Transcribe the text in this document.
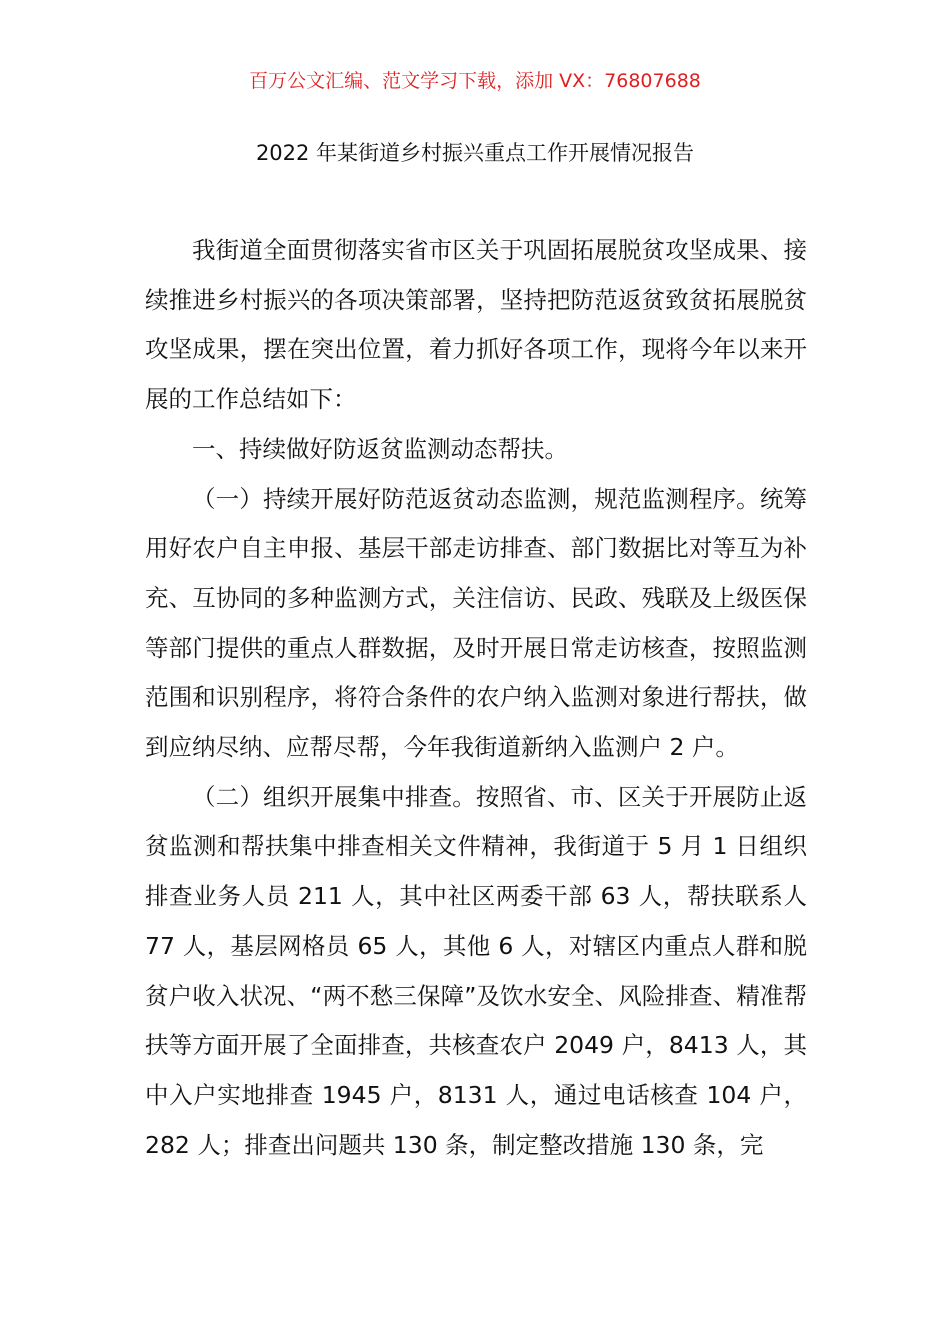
百万公文汇编、范文学习下载，添加 VX：76807688
2022 年某街道乡村振兴重点工作开展情况报告

我街道全面贯彻落实省市区关于巩固拓展脱贫攻坚成果、接续推进乡村振兴的各项决策部署，坚持把防范返贫致贫拓展脱贫攻坚成果，摆在突出位置，着力抓好各项工作，现将今年以来开展的工作总结如下：

一、持续做好防返贫监测动态帮扶。

（一）持续开展好防范返贫动态监测，规范监测程序。统筹用好农户自主申报、基层干部走访排查、部门数据比对等互为补充、互协同的多种监测方式，关注信访、民政、残联及上级医保等部门提供的重点人群数据，及时开展日常走访核查，按照监测范围和识别程序，将符合条件的农户纳入监测对象进行帮扶，做到应纳尽纳、应帮尽帮，今年我街道新纳入监测户 2 户。

（二）组织开展集中排查。按照省、市、区关于开展防止返贫监测和帮扶集中排查相关文件精神，我街道于 5 月 1 日组织排查业务人员 211 人，其中社区两委干部 63 人，帮扶联系人 77 人，基层网格员 65 人，其他 6 人，对辖区内重点人群和脱贫户收入状况、“两不愁三保障”及饮水安全、风险排查、精准帮扶等方面开展了全面排查，共核查农户 2049 户，8413 人，其中入户实地排查 1945 户，8131 人，通过电话核查 104 户，282 人；排查出问题共 130 条，制定整改措施 130 条，完
